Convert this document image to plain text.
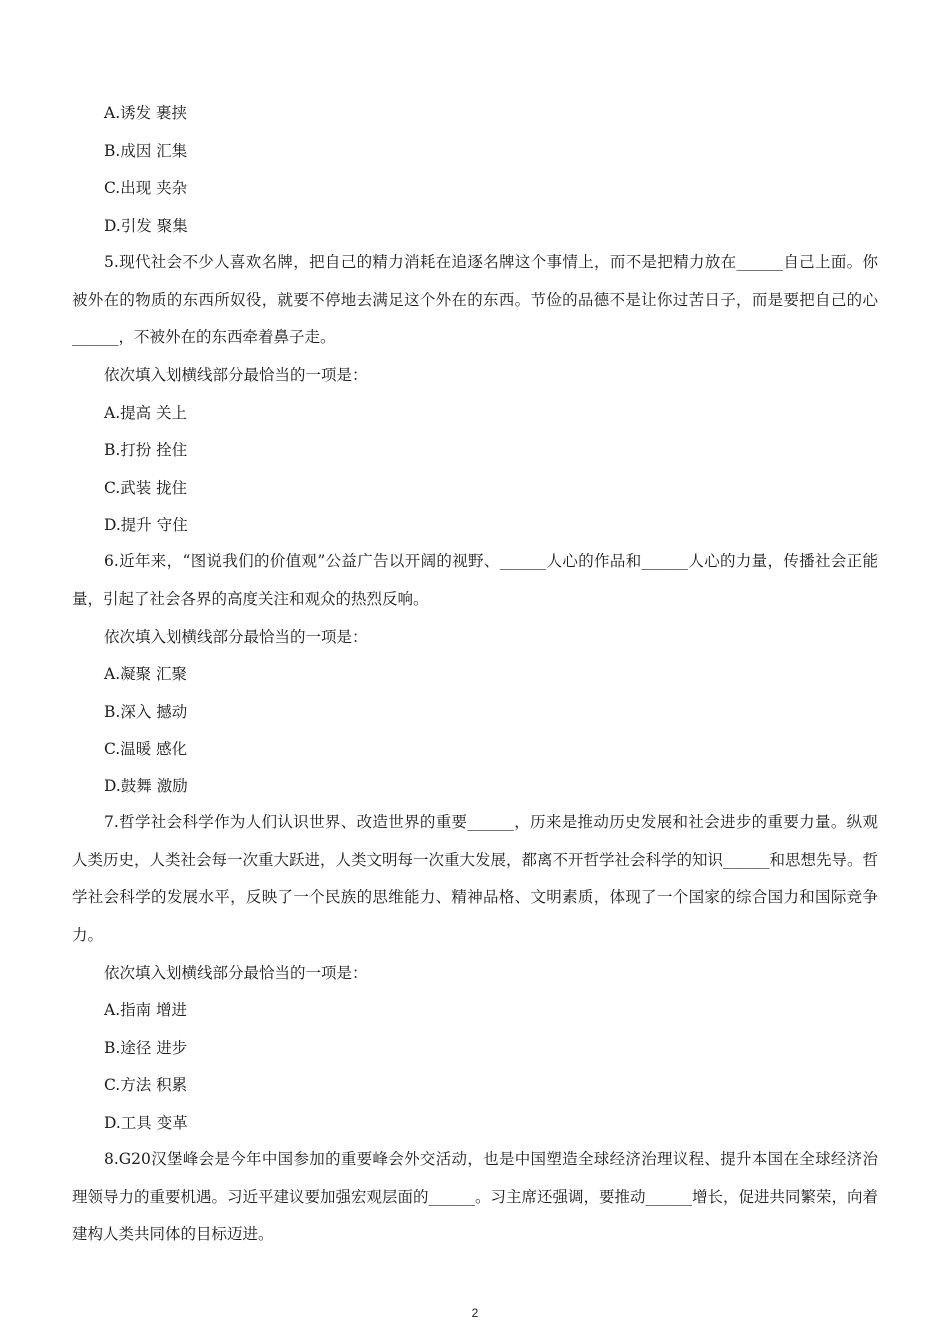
A.诱发 裹挟
B.成因 汇集
C.出现 夹杂
D.引发 聚集
5.现代社会不少人喜欢名牌，把自己的精力消耗在追逐名牌这个事情上，而不是把精力放在______自己上面。你被外在的物质的东西所奴役，就要不停地去满足这个外在的东西。节俭的品德不是让你过苦日子，而是要把自己的心______，不被外在的东西牵着鼻子走。
依次填入划横线部分最恰当的一项是：
A.提高 关上
B.打扮 拴住
C.武装 拢住
D.提升 守住
6.近年来，“图说我们的价值观”公益广告以开阔的视野、______人心的作品和______人心的力量，传播社会正能量，引起了社会各界的高度关注和观众的热烈反响。
依次填入划横线部分最恰当的一项是：
A.凝聚 汇聚
B.深入 撼动
C.温暖 感化
D.鼓舞 激励
7.哲学社会科学作为人们认识世界、改造世界的重要______，历来是推动历史发展和社会进步的重要力量。纵观人类历史，人类社会每一次重大跃进，人类文明每一次重大发展，都离不开哲学社会科学的知识______和思想先导。哲学社会科学的发展水平，反映了一个民族的思维能力、精神品格、文明素质，体现了一个国家的综合国力和国际竞争力。
依次填入划横线部分最恰当的一项是：
A.指南 增进
B.途径 进步
C.方法 积累
D.工具 变革
8.G20汉堡峰会是今年中国参加的重要峰会外交活动，也是中国塑造全球经济治理议程、提升本国在全球经济治理领导力的重要机遇。习近平建议要加强宏观层面的______。习主席还强调，要推动______增长，促进共同繁荣，向着建构人类共同体的目标迈进。
2
